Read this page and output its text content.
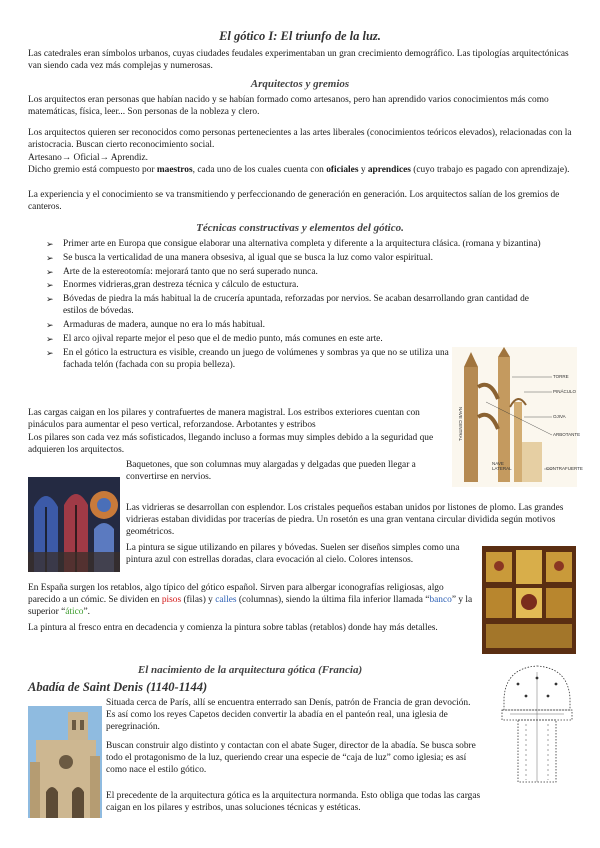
El gótico I: El triunfo de la luz.

Las catedrales eran símbolos urbanos, cuyas ciudades feudales experimentaban un gran crecimiento demográfico. Las tipologías arquitectónicas van siendo cada vez más complejas y numerosas.

Arquitectos y gremios

Los arquitectos eran personas que habían nacido y se habían formado como artesanos, pero han aprendido varios conocimientos más como matemáticas, física, leer... Son personas de la nobleza y clero.

Los arquitectos quieren ser reconocidos como personas pertenecientes a las artes liberales (conocimientos teóricos elevados), relacionadas con la aristocracia. Buscan cierto reconocimiento social.

Artesano→ Oficial→ Aprendiz.

Dicho gremio está compuesto por maestros, cada uno de los cuales cuenta con oficiales y aprendices (cuyo trabajo es pagado con aprendizaje).

La experiencia y el conocimiento se va transmitiendo y perfeccionando de generación en generación. Los arquitectos salían de los gremios de canteros.

Técnicas constructivas y elementos del gótico.
➢ Primer arte en Europa que consigue elaborar una alternativa completa y diferente a la arquitectura clásica. (romana y bizantina)
➢ Se busca la verticalidad de una manera obsesiva, al igual que se busca la luz como valor espiritual.
➢ Arte de la estereotomía: mejorará tanto que no será superado nunca.
➢ Enormes vidrieras,gran destreza técnica y cálculo de estuctura.
➢ Bóvedas de piedra la más habitual la de crucería apuntada, reforzadas por nervios. Se acaban desarrollando gran cantidad de estilos de bóvedas.
➢ Armaduras de madera, aunque no era lo más habitual.
➢ El arco ojival reparte mejor el peso que el de medio punto, más comunes en este arte.
➢ En el gótico la estructura es visible, creando un juego de volúmenes y sombras ya que no se utiliza una fachada telón (fachada con su propia belleza).
TORRE
PINÁCULO
OJIVA
ARBOTANTE
NAVE LATERAL
NAVE CENTRAL
CONTRAFUERTE

Las cargas caigan en los pilares y contrafuertes de manera magistral. Los estribos exteriores cuentan con pináculos para aumentar el peso vertical, reforzandose. Arbotantes y estribos

Los pilares son cada vez más sofisticados, llegando incluso a formas muy simples debido a la seguridad que adquieren los arquitectos.

Baquetones, que son columnas muy alargadas y delgadas que pueden llegar a convertirse en nervios.

Las vidrieras se desarrollan con esplendor. Los cristales pequeños estaban unidos por listones de plomo. Las grandes vidrieras estaban divididas por tracerías de piedra. Un rosetón es una gran ventana circular dividida según motivos geométricos.

La pintura se sigue utilizando en pilares y bóvedas. Suelen ser diseños simples como una pintura azul con estrellas doradas, clara evocación al cielo. Colores intensos.

En España surgen los retablos, algo típico del gótico español. Sirven para albergar iconografías religiosas, algo parecido a un cómic. Se dividen en pisos (filas) y calles (columnas), siendo la última fila inferior llamada “banco” y la superior “ático”.

La pintura al fresco entra en decadencia y comienza la pintura sobre tablas (retablos) donde hay más detalles.

El nacimiento de la arquitectura gótica (Francia)
Abadía de Saint Denis (1140-1144)

Situada cerca de París, allí se encuentra enterrado san Denís, patrón de Francia de gran devoción. Es así como los reyes Capetos deciden convertir la abadía en el panteón real, una iglesia de peregrinación.

Buscan construir algo distinto y contactan con el abate Suger, director de la abadía. Se busca sobre todo el protagonismo de la luz, queriendo crear una especie de “caja de luz” como iglesia; es así como nace el estilo gótico.

El precedente de la arquitectura gótica es la arquitectura normanda. Esto obliga que todas las cargas caigan en los pilares y estribos, unas soluciones técnicas y estéticas.
